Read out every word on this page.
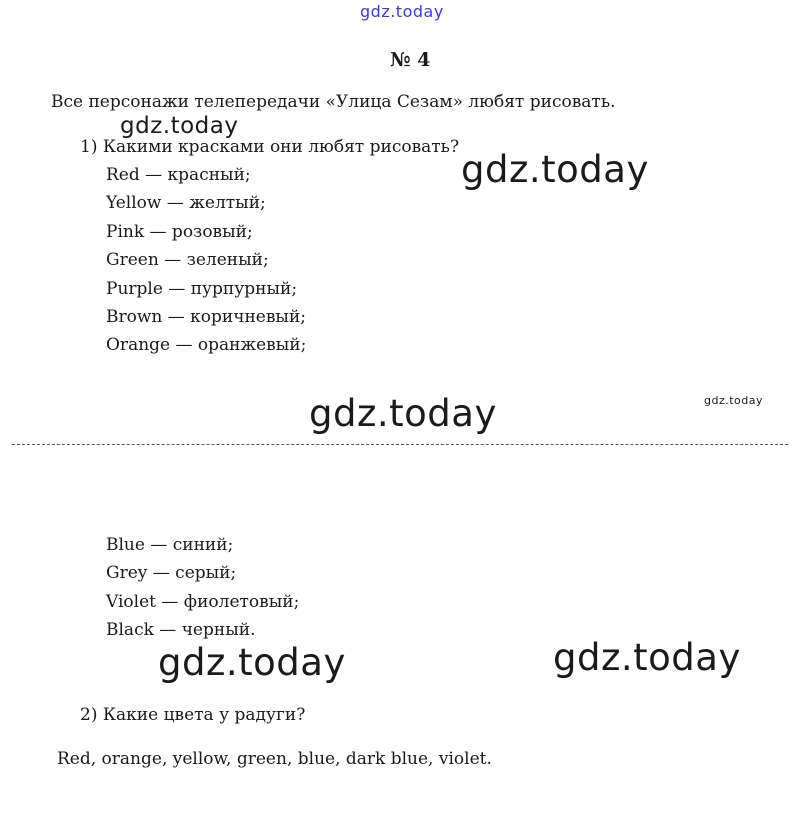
gdz.today
№ 4
Все персонажи телепередачи «Улица Сезам» любят рисовать.
1) Какими красками они любят рисовать?
Red — красный;
Yellow — желтый;
Pink — розовый;
Green — зеленый;
Purple — пурпурный;
Brown — коричневый;
Orange — оранжевый;
Blue — синий;
Grey — серый;
Violet — фиолетовый;
Black — черный.
2) Какие цвета у радуги?
Red, orange, yellow, green, blue, dark blue, violet.
gdz.today
gdz.today
gdz.today	gdz.today
gdz.today	gdz.today
